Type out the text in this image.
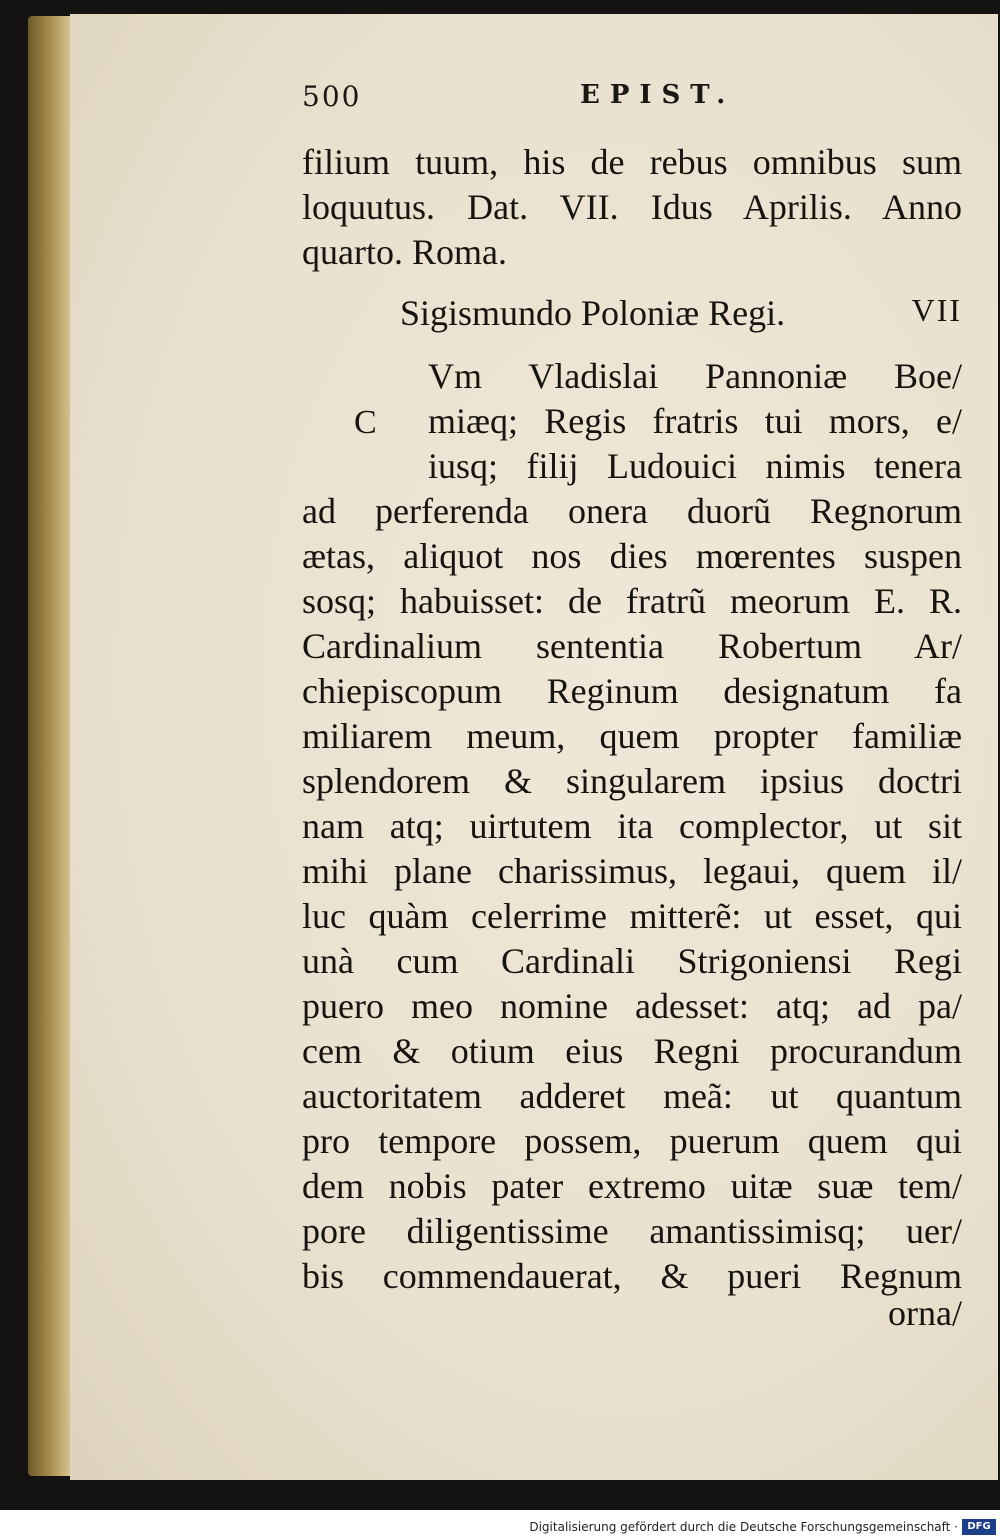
500	EPIST.
filium tuum, his de rebus omnibus sum
loquutus. Dat. VII. Idus Aprilis. Anno
quarto. Roma.
Sigismundo Poloniæ Regi.	VII
C
Vm Vladislai Pannoniæ Boe/
miæq; Regis fratris tui mors, e/
iusq; filij Ludouici nimis tenera
ad perferenda onera duorũ Regnorum
ætas, aliquot nos dies mœrentes suspen
sosq; habuisset: de fratrũ meorum E. R.
Cardinalium sententia Robertum Ar/
chiepiscopum Reginum designatum fa
miliarem meum, quem propter familiæ
splendorem & singularem ipsius doctri
nam atq; uirtutem ita complector, ut sit
mihi plane charissimus, legaui, quem il/
luc quàm celerrime mitterẽ: ut esset, qui
unà cum Cardinali Strigoniensi Regi
puero meo nomine adesset: atq; ad pa/
cem & otium eius Regni procurandum
auctoritatem adderet meã: ut quantum
pro tempore possem, puerum quem qui
dem nobis pater extremo uitæ suæ tem/
pore diligentissime amantissimisq; uer/
bis commendauerat, & pueri Regnum
orna/
Digitalisierung gefördert durch die Deutsche Forschungsgemeinschaft · DFG
